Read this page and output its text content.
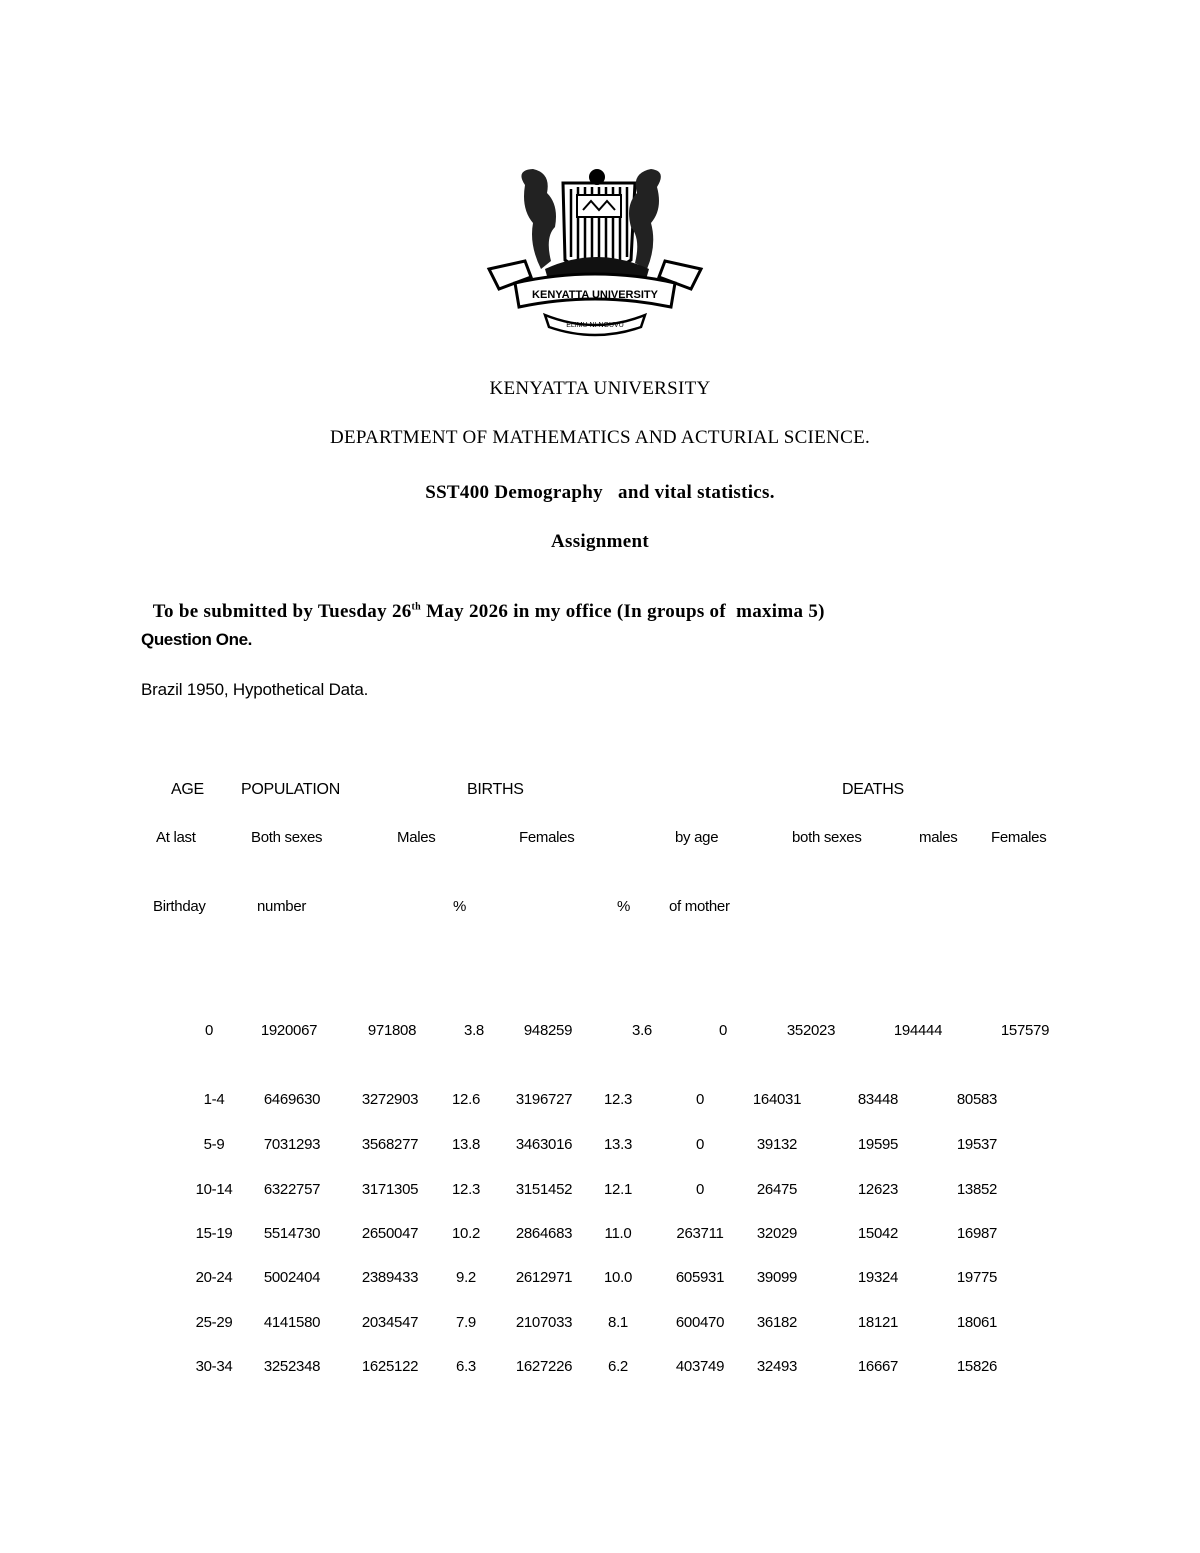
KENYATTA UNIVERSITY
ELIMU NI NGUVU
KENYATTA UNIVERSITY
DEPARTMENT OF MATHEMATICS AND ACTURIAL SCIENCE.
SST400 Demography   and vital statistics.
Assignment

To be submitted by Tuesday 26th May 2026 in my office (In groups of  maxima 5)

Question One.
Brazil 1950, Hypothetical Data.
AGE POPULATION	BIRTHS	DEATHS
At last	Both sexes	Males	Females	by age	both sexes	males Females
Birthday	number	%	%	of mother
0	1920067	971808	3.8	948259	3.6	0	352023	194444	157579
1-4	6469630	3272903 12.6 3196727 12.3	0	164031	83448	80583
5-9	7031293	3568277 13.8 3463016 13.3	0	39132	19595	19537
10-14 6322757	3171305 12.3 3151452 12.1	0	26475	12623	13852
15-19 5514730	2650047 10.2 2864683 11.0	263711 32029	15042	16987
20-24 5002404	2389433	9.2	2612971 10.0	605931 39099	19324	19775
25-29 4141580	2034547	7.9	2107033 8.1	600470 36182	18121	18061
30-34 3252348	1625122	6.3	1627226 6.2	403749 32493	16667	15826
